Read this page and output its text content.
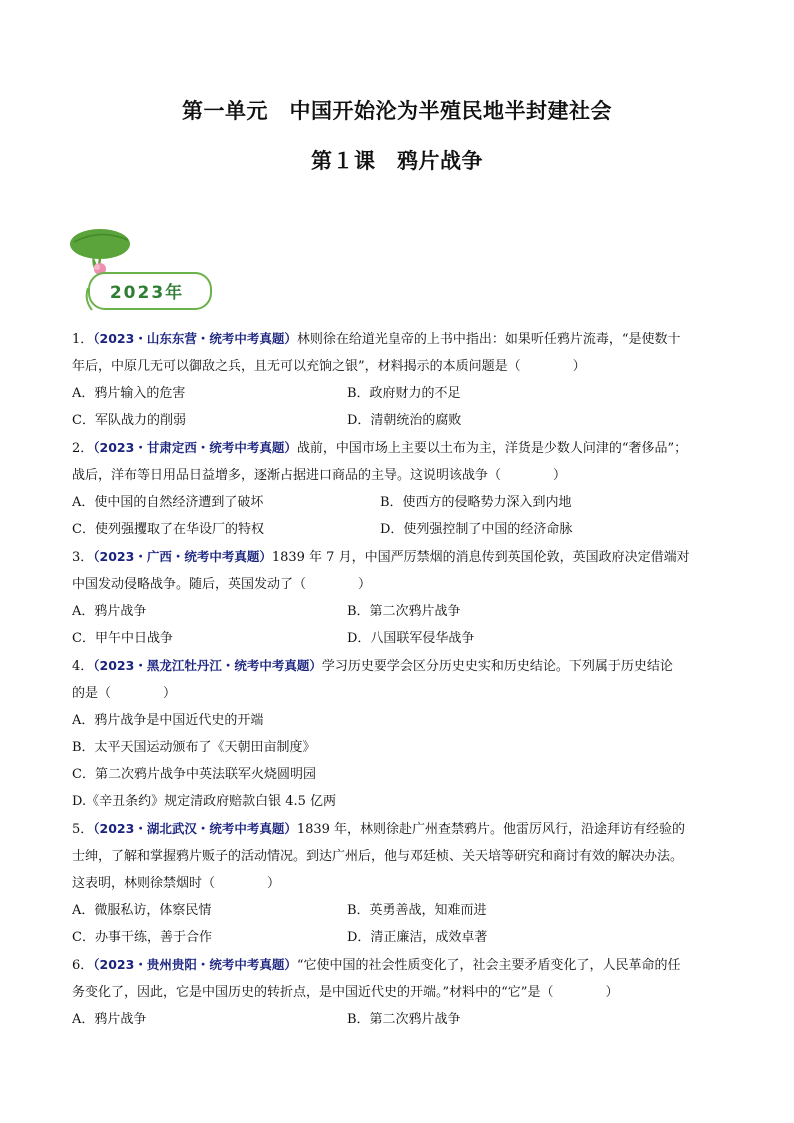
第一单元　中国开始沦为半殖民地半封建社会
第１课　鸦片战争
2023年
1．（2023・山东东营・统考中考真题）林则徐在给道光皇帝的上书中指出：如果听任鸦片流毒，“是使数十
年后，中原几无可以御敌之兵，且无可以充饷之银”，材料揭示的本质问题是（　　　　）
A．鸦片输入的危害	B．政府财力的不足
C．军队战力的削弱	D．清朝统治的腐败
2．（2023・甘肃定西・统考中考真题）战前，中国市场上主要以土布为主，洋货是少数人问津的“奢侈品”；
战后，洋布等日用品日益增多，逐渐占据进口商品的主导。这说明该战争（　　　　）
A．使中国的自然经济遭到了破坏	B．使西方的侵略势力深入到内地
C．使列强攫取了在华设厂的特权	D．使列强控制了中国的经济命脉
3．（2023・广西・统考中考真题）1839 年 7 月，中国严厉禁烟的消息传到英国伦敦，英国政府决定借端对
中国发动侵略战争。随后，英国发动了（　　　　）
A．鸦片战争	B．第二次鸦片战争
C．甲午中日战争	D．八国联军侵华战争
4．（2023・黑龙江牡丹江・统考中考真题）学习历史要学会区分历史史实和历史结论。下列属于历史结论
的是（　　　　）
A．鸦片战争是中国近代史的开端
B．太平天国运动颁布了《天朝田亩制度》
C．第二次鸦片战争中英法联军火烧圆明园
D.《辛丑条约》规定清政府赔款白银 4.5 亿两
5．（2023・湖北武汉・统考中考真题）1839 年，林则徐赴广州查禁鸦片。他雷厉风行，沿途拜访有经验的
士绅，了解和掌握鸦片贩子的活动情况。到达广州后，他与邓廷桢、关天培等研究和商讨有效的解决办法。
这表明，林则徐禁烟时（　　　　）
A．微服私访，体察民情	B．英勇善战，知难而进
C．办事干练，善于合作	D．清正廉洁，成效卓著
6．（2023・贵州贵阳・统考中考真题）“它使中国的社会性质变化了，社会主要矛盾变化了，人民革命的任
务变化了，因此，它是中国历史的转折点，是中国近代史的开端。”材料中的“它”是（　　　　）
A．鸦片战争	B．第二次鸦片战争
